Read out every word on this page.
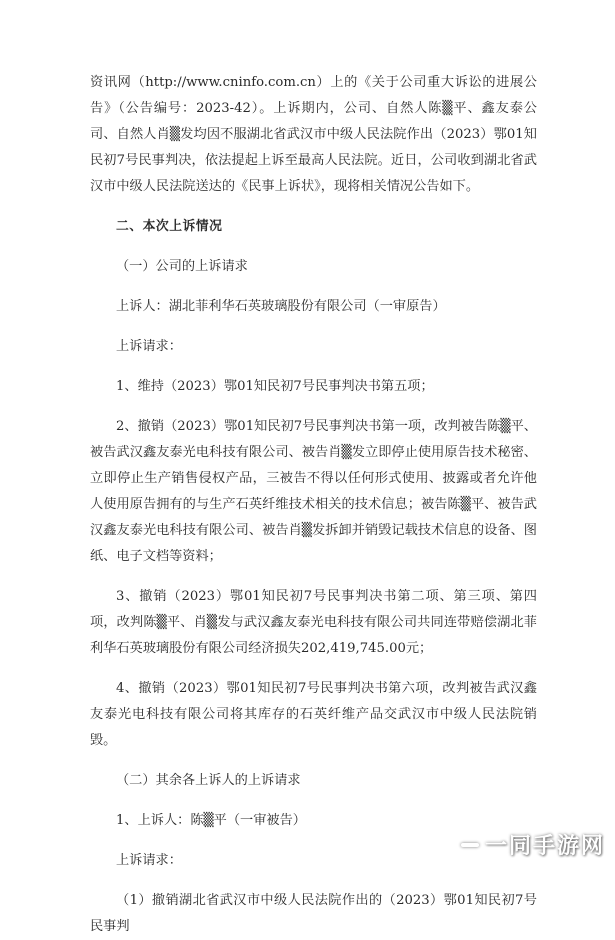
资讯网（http://www.cninfo.com.cn）上的《关于公司重大诉讼的进展公告》（公告编号：2023-42）。上诉期内，公司、自然人陈▒平、鑫友泰公司、自然人肖▒发均因不服湖北省武汉市中级人民法院作出（2023）鄂01知民初7号民事判决，依法提起上诉至最高人民法院。近日，公司收到湖北省武汉市中级人民法院送达的《民事上诉状》，现将相关情况公告如下。

二、本次上诉情况

（一）公司的上诉请求

上诉人：湖北菲利华石英玻璃股份有限公司（一审原告）

上诉请求：

1、维持（2023）鄂01知民初7号民事判决书第五项；

2、撤销（2023）鄂01知民初7号民事判决书第一项，改判被告陈▒平、被告武汉鑫友泰光电科技有限公司、被告肖▒发立即停止使用原告技术秘密、立即停止生产销售侵权产品，三被告不得以任何形式使用、披露或者允许他人使用原告拥有的与生产石英纤维技术相关的技术信息；被告陈▒平、被告武汉鑫友泰光电科技有限公司、被告肖▒发拆卸并销毁记载技术信息的设备、图纸、电子文档等资料；

3、撤销（2023）鄂01知民初7号民事判决书第二项、第三项、第四项，改判陈▒平、肖▒发与武汉鑫友泰光电科技有限公司共同连带赔偿湖北菲利华石英玻璃股份有限公司经济损失202,419,745.00元；

4、撤销（2023）鄂01知民初7号民事判决书第六项，改判被告武汉鑫友泰光电科技有限公司将其库存的石英纤维产品交武汉市中级人民法院销毁。

（二）其余各上诉人的上诉请求

1、上诉人：陈▒平（一审被告）

上诉请求：

（1）撤销湖北省武汉市中级人民法院作出的（2023）鄂01知民初7号民事判

一同手游网
